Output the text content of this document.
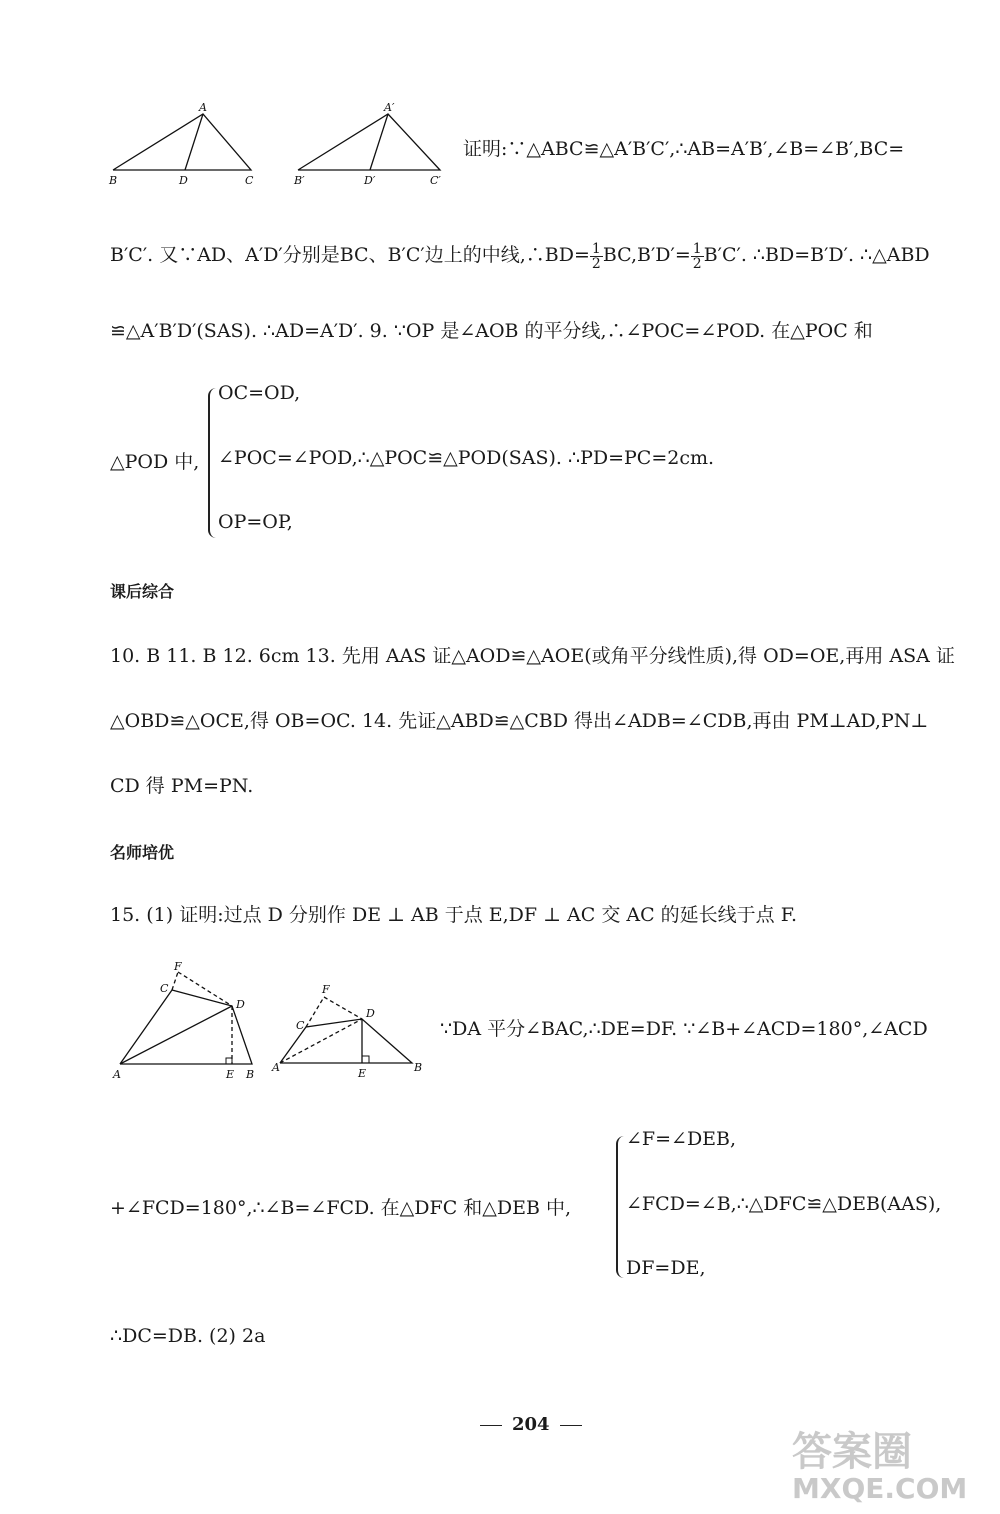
A
B	D	C
A′
B′	D′	C′
证明:∵△ABC≌△A′B′C′,∴AB=A′B′,∠B=∠B′,BC=
B′C′. 又∵AD、A′D′分别是BC、B′C′边上的中线,∴BD= $\frac{1}{2} BC,B'D'= \frac{1}{2} B'C'$. ∴BD=B′D′. ∴△ABD
≌△A′B′D′(SAS). ∴AD=A′D′. 9. ∵OP 是∠AOB 的平分线,∴∠POC=∠POD. 在△POC 和
△POD 中,
OC=OD,
∠POC=∠POD,∴△POC≌△POD(SAS). ∴PD=PC=2cm.
OP=OP,
课后综合
10. B 11. B 12. 6cm 13. 先用 AAS 证△AOD≌△AOE(或角平分线性质),得 OD=OE,再用 ASA 证
△OBD≌△OCE,得 OB=OC. 14. 先证△ABD≌△CBD 得出∠ADB=∠CDB,再由 PM⊥AD,PN⊥
CD 得 PM=PN.
名师培优
15. (1) 证明:过点 D 分别作 DE ⊥ AB 于点 E,DF ⊥ AC 交 AC 的延长线于点 F.
F
C
D
A	E B
F
C
D
A	E	B
∵DA 平分∠BAC,∴DE=DF. ∵∠B+∠ACD=180°,∠ACD
+∠FCD=180°,∴∠B=∠FCD. 在△DFC 和△DEB 中,
∠F=∠DEB,
∠FCD=∠B,∴△DFC≌△DEB(AAS),
DF=DE,
∴DC=DB. (2) 2a
204
答案圈
MXQE.COM
